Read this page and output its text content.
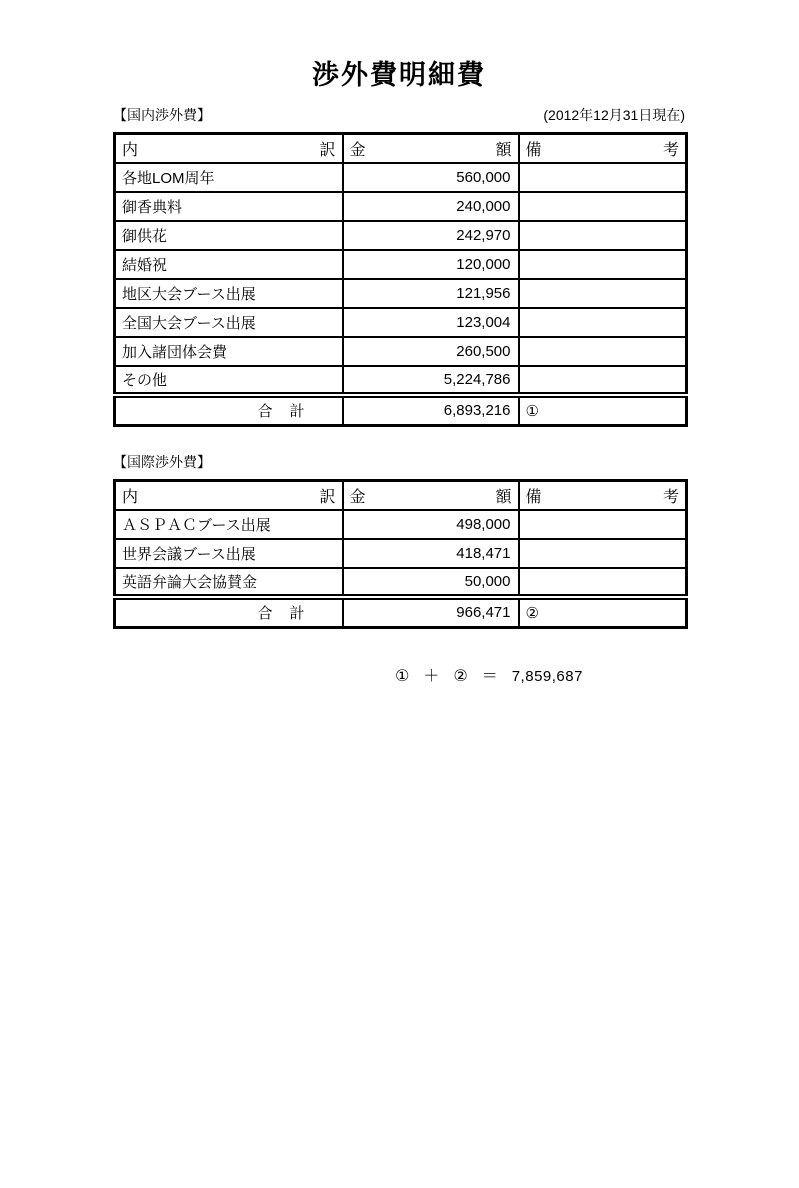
渉外費明細費
【国内渉外費】	(2012年12月31日現在)
内 訳	金 額	備 考

各地LOM周年	560,000	
御香典料	240,000	
御供花	242,970	
結婚祝	120,000	
地区大会ブース出展	121,956	
全国大会ブース出展	123,004	
加入諸団体会費	260,500	
その他	5,224,786	
合　計	6,893,216	①
【国際渉外費】
内 訳	金 額	備 考

ＡＳＰＡＣブース出展	498,000	
世界会議ブース出展	418,471	
英語弁論大会協賛金	50,000	
合　計	966,471	②
① ＋ ② ＝ 7,859,687
